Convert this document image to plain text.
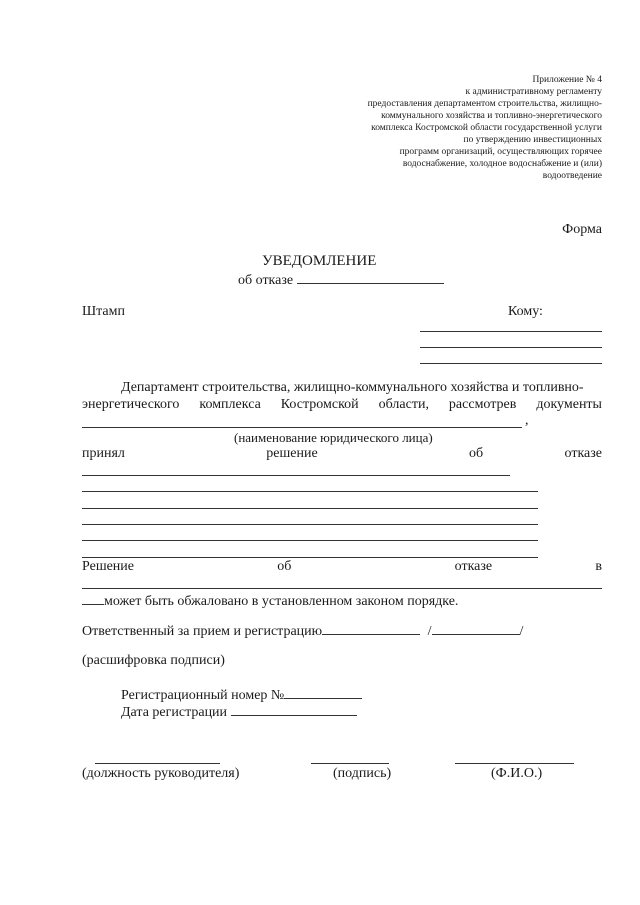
Приложение № 4
к административному регламенту
предоставления департаментом строительства, жилищно-
коммунального хозяйства и топливно-энергетического
комплекса Костромской области государственной услуги
по утверждению инвестиционных
программ организаций, осуществляющих горячее
водоснабжение, холодное водоснабжение и (или)
водоотведение
Форма
УВЕДОМЛЕНИЕ
об отказе
Штамп	Кому:
Департамент строительства, жилищно-коммунального хозяйства и топливно-
энергетического комплекса Костромской области, рассмотрев документы
,
(наименование юридического лица)
принял	решение	об	отказе
Решение	об	отказе	в
может быть обжаловано в установленном законом порядке.
Ответственный за прием и регистрацию	/	/
(расшифровка подписи)
Регистрационный номер №
Дата регистрации
(должность руководителя)	(подпись)	(Ф.И.О.)
